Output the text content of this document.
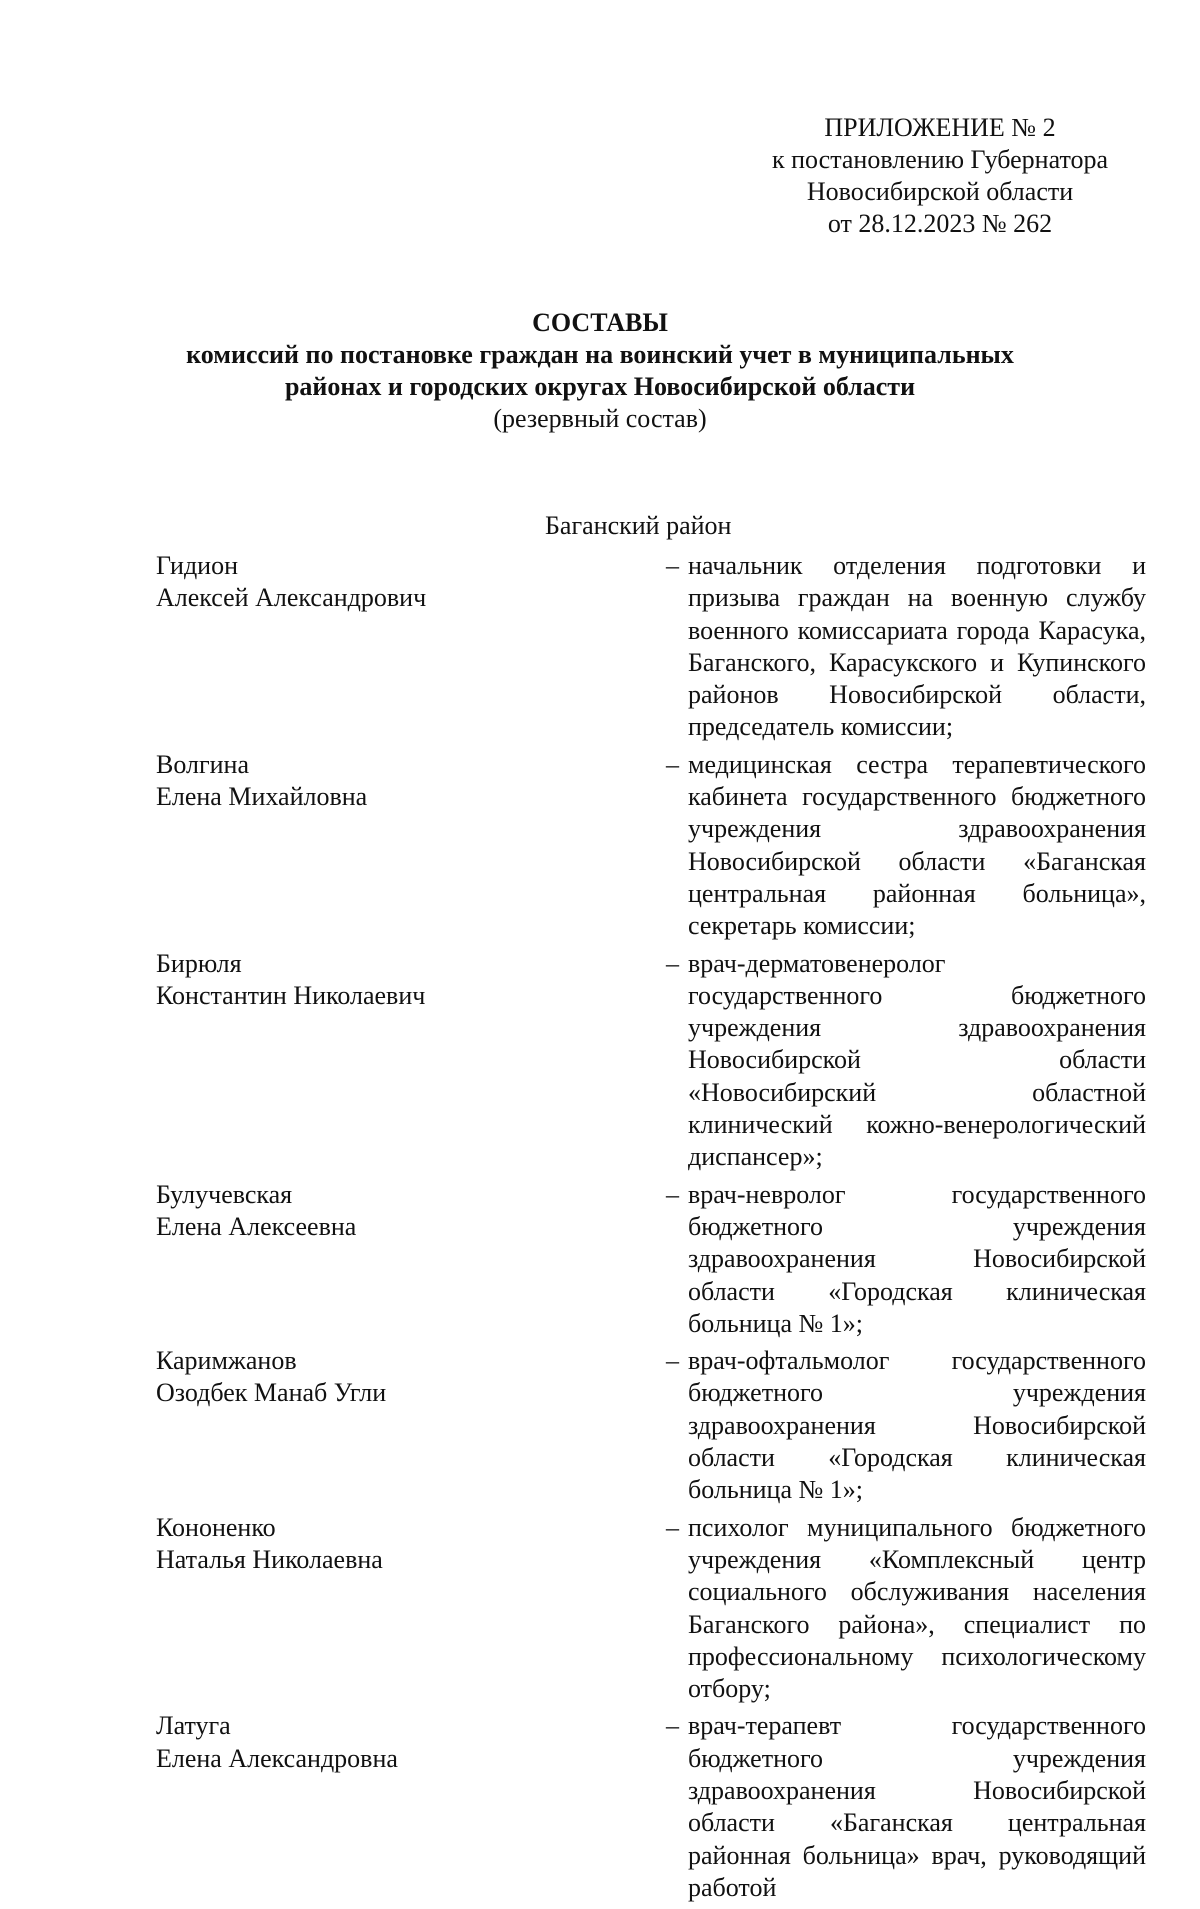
ПРИЛОЖЕНИЕ № 2
к постановлению Губернатора
Новосибирской области
от 28.12.2023 № 262
СОСТАВЫ
комиссий по постановке граждан на воинский учет в муниципальных
районах и городских округах Новосибирской области
(резервный состав)
Баганский район
Гидион
Алексей Александрович
– начальник отделения подготовки и призыва граждан на военную службу военного комиссариата города Карасука, Баганского, Карасукского и Купинского районов Новосибирской области, председатель комиссии;
Волгина
Елена Михайловна
– медицинская сестра терапевтического кабинета государственного бюджетного учреждения здравоохранения Новосибирской области «Баганская центральная районная больница», секретарь комиссии;
Бирюля
Константин Николаевич
– врач-дерматовенеролог государственного бюджетного учреждения здравоохранения Новосибирской области «Новосибирский областной клинический кожно-венерологический диспансер»;
Булучевская
Елена Алексеевна
– врач-невролог государственного бюджетного учреждения здравоохранения Новосибирской области «Городская клиническая больница № 1»;
Каримжанов
Озодбек Манаб Угли
– врач-офтальмолог государственного бюджетного учреждения здравоохранения Новосибирской области «Городская клиническая больница № 1»;
Кононенко
Наталья Николаевна
– психолог муниципального бюджетного учреждения «Комплексный центр социального обслуживания населения Баганского района», специалист по профессиональному психологическому отбору;
Латуга
Елена Александровна
– врач-терапевт государственного бюджетного учреждения здравоохранения Новосибирской области «Баганская центральная районная больница» врач, руководящий работой
